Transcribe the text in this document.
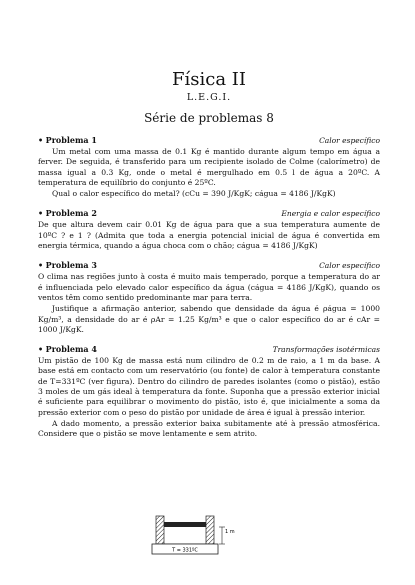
Física II
L.E.G.I.
Série de problemas 8
• Problema 1	Calor específico

Um metal com uma massa de 0.1 Kg é mantido durante algum tempo em água a ferver. De seguida, é transferido para um recipiente isolado de Colme (calorímetro) de massa igual a 0.3 Kg, onde o metal é mergulhado em 0.5 l de água a 20ºC. A temperatura de equilíbrio do conjunto é 25ºC.

Qual o calor específico do metal? (cCu = 390 J/KgK; cágua = 4186 J/KgK)

• Problema 2	Energia e calor específico

De que altura devem cair 0.01 Kg de água para que a sua temperatura aumente de 10ºC ? e 1 ? (Admita que toda a energia potencial inicial de água é convertida em energia térmica, quando a água choca com o chão; cágua = 4186 J/KgK)

• Problema 3	Calor específico

O clima nas regiões junto à costa é muito mais temperado, porque a temperatura do ar é influenciada pelo elevado calor específico da água (cágua = 4186 J/KgK), quando os ventos têm como sentido predominante mar para terra.

Justifique a afirmação anterior, sabendo que densidade da água é ρágua = 1000 Kg/m³, a densidade do ar é ρAr = 1.25 Kg/m³ e que o calor específico do ar é cAr = 1000 J/KgK.

• Problema 4	Transformações isotérmicas

Um pistão de 100 Kg de massa está num cilindro de 0.2 m de raio, a 1 m da base. A base está em contacto com um reservatório (ou fonte) de calor à temperatura constante de T=331ºC (ver figura). Dentro do cilindro de paredes isolantes (como o pistão), estão 3 moles de um gás ideal à temperatura da fonte. Suponha que a pressão exterior inicial é suficiente para equilibrar o movimento do pistão, isto é, que inicialmente a soma da pressão exterior com o peso do pistão por unidade de área é igual à pressão interior.

A dado momento, a pressão exterior baixa subitamente até à pressão atmosférica. Considere que o pistão se move lentamente e sem atrito.

T = 331ºC
1 m
